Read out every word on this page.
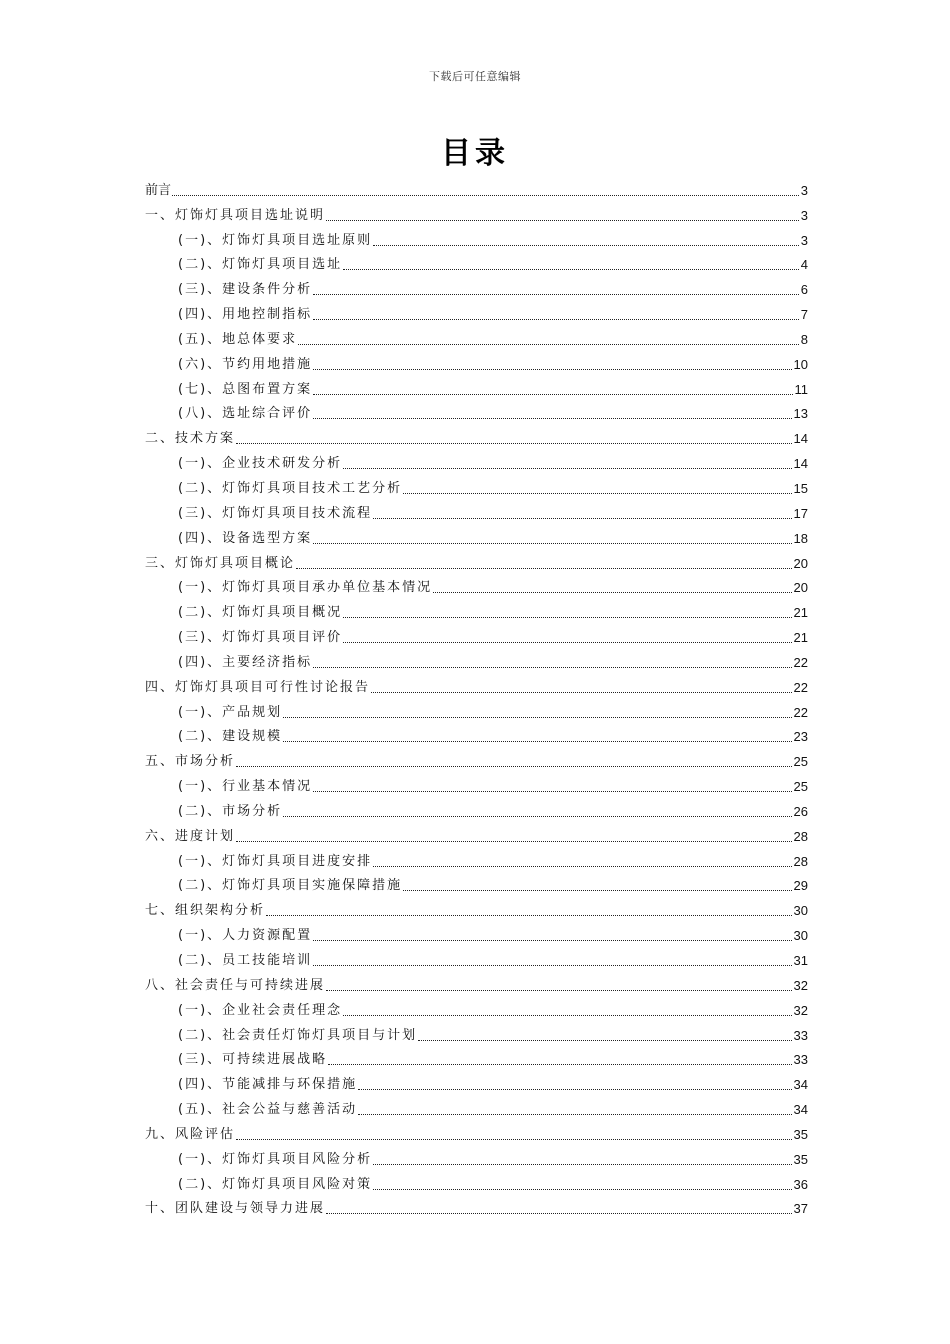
下载后可任意编辑
目录
前言	3
一、灯饰灯具项目选址说明	3
(一)、灯饰灯具项目选址原则	3
(二)、灯饰灯具项目选址	4
(三)、建设条件分析	6
(四)、用地控制指标	7
(五)、地总体要求	8
(六)、节约用地措施	10
(七)、总图布置方案	11
(八)、选址综合评价	13
二、技术方案	14
(一)、企业技术研发分析	14
(二)、灯饰灯具项目技术工艺分析	15
(三)、灯饰灯具项目技术流程	17
(四)、设备选型方案	18
三、灯饰灯具项目概论	20
(一)、灯饰灯具项目承办单位基本情况	20
(二)、灯饰灯具项目概况	21
(三)、灯饰灯具项目评价	21
(四)、主要经济指标	22
四、灯饰灯具项目可行性讨论报告	22
(一)、产品规划	22
(二)、建设规模	23
五、市场分析	25
(一)、行业基本情况	25
(二)、市场分析	26
六、进度计划	28
(一)、灯饰灯具项目进度安排	28
(二)、灯饰灯具项目实施保障措施	29
七、组织架构分析	30
(一)、人力资源配置	30
(二)、员工技能培训	31
八、社会责任与可持续进展	32
(一)、企业社会责任理念	32
(二)、社会责任灯饰灯具项目与计划	33
(三)、可持续进展战略	33
(四)、节能减排与环保措施	34
(五)、社会公益与慈善活动	34
九、风险评估	35
(一)、灯饰灯具项目风险分析	35
(二)、灯饰灯具项目风险对策	36
十、团队建设与领导力进展	37
